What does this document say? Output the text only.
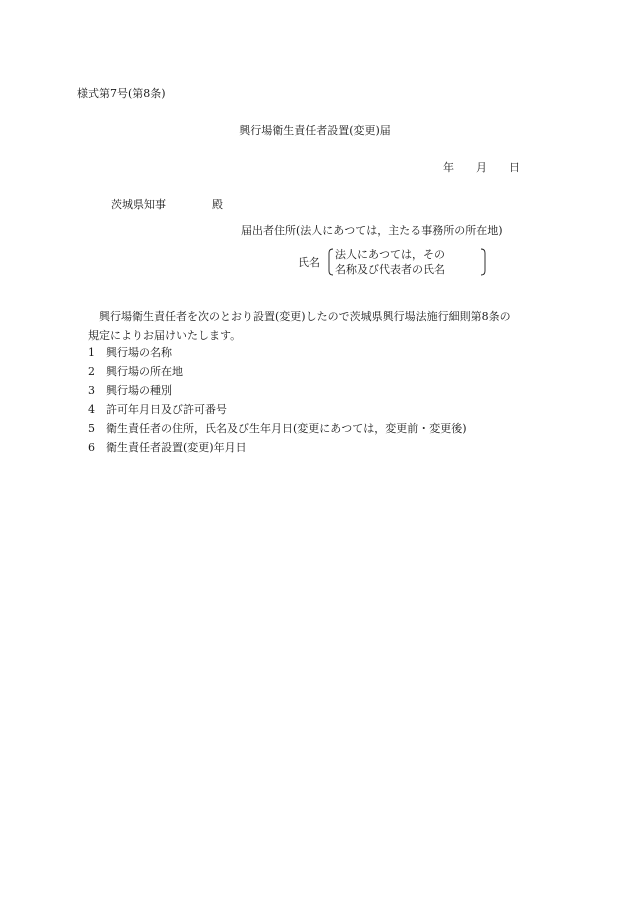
様式第7号(第8条)
興行場衛生責任者設置(変更)届
年 月 日
茨城県知事	殿
届出者住所(法人にあつては，主たる事務所の所在地)
氏名
法人にあつては，その
名称及び代表者の氏名
興行場衛生責任者を次のとおり設置(変更)したので茨城県興行場法施行細則第8条の
規定によりお届けいたします。
1 興行場の名称
2 興行場の所在地
3 興行場の種別
4 許可年月日及び許可番号
5 衛生責任者の住所，氏名及び生年月日(変更にあつては，変更前・変更後)
6 衛生責任者設置(変更)年月日
